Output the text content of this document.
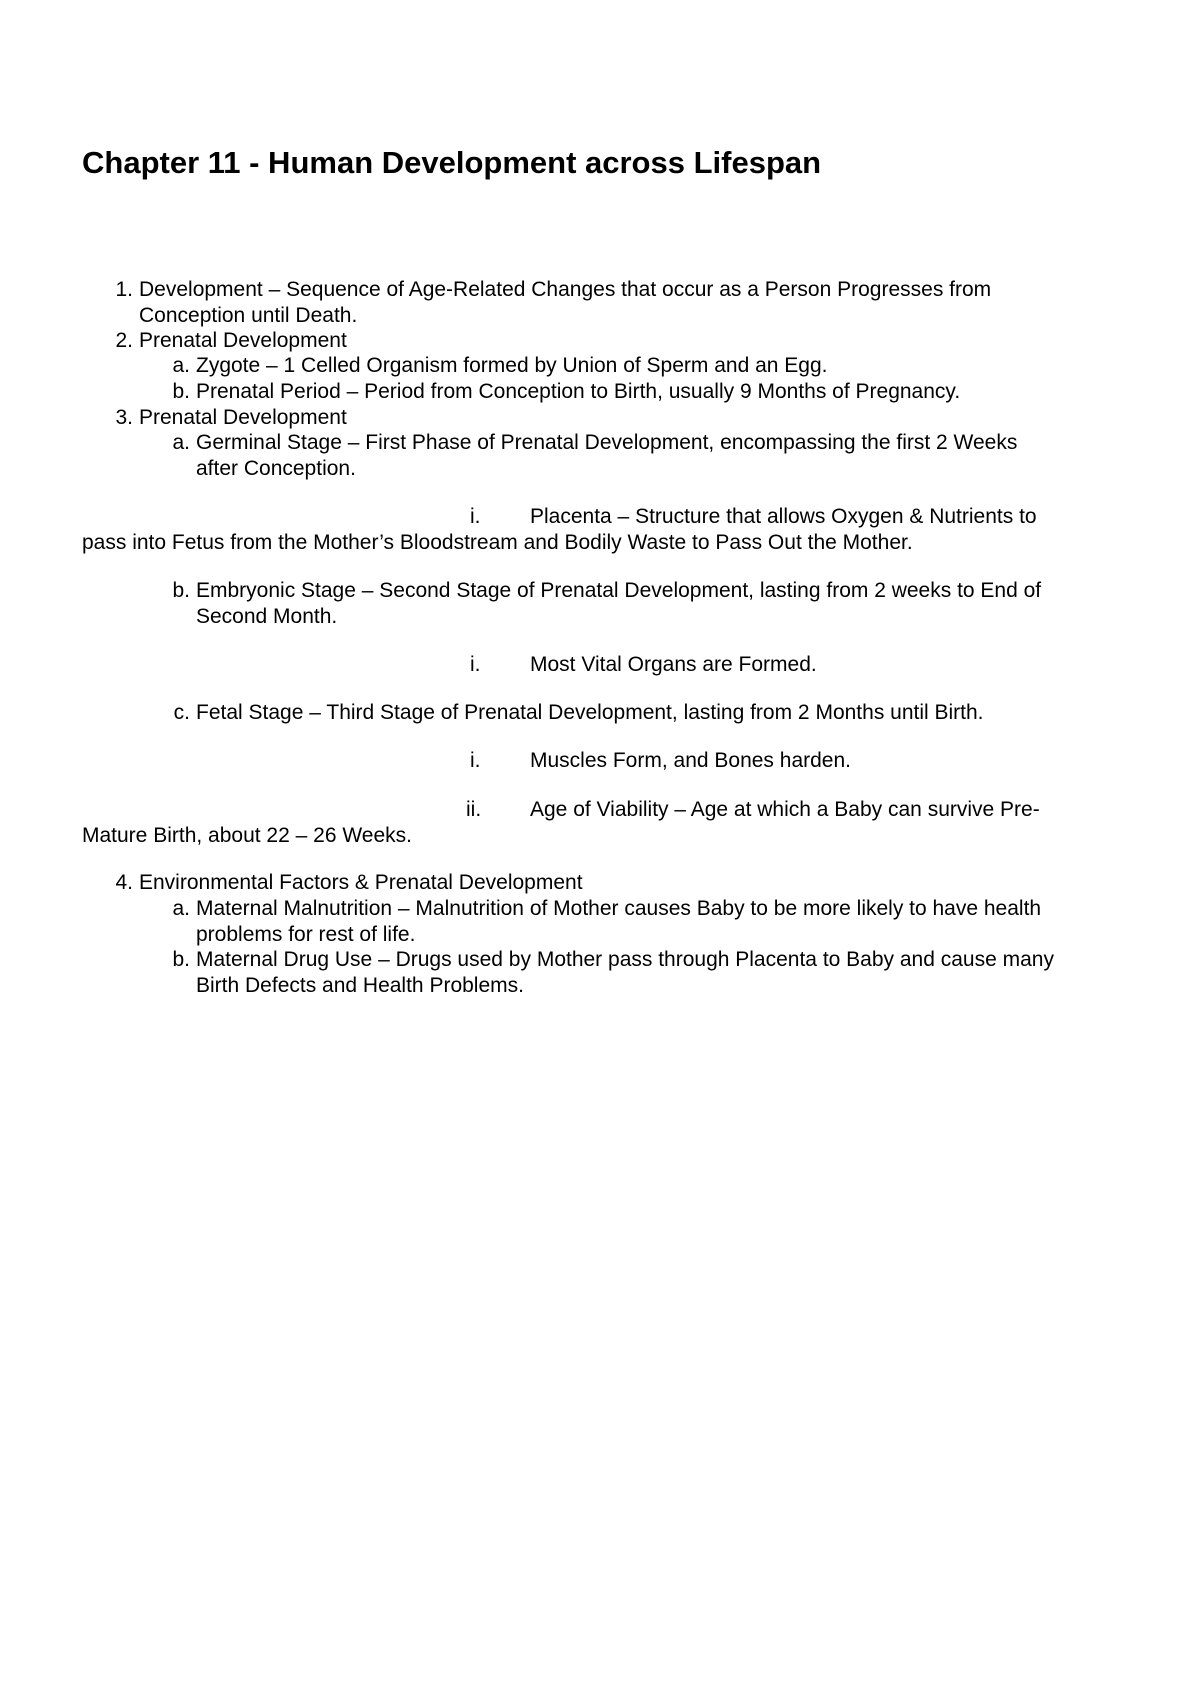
Chapter 11 - Human Development across Lifespan

1. Development – Sequence of Age-Related Changes that occur as a Person Progresses from

Conception until Death.

2. Prenatal Development

a. Zygote – 1 Celled Organism formed by Union of Sperm and an Egg.

b. Prenatal Period – Period from Conception to Birth, usually 9 Months of Pregnancy.

3. Prenatal Development

a. Germinal Stage – First Phase of Prenatal Development, encompassing the first 2 Weeks

after Conception.

i. Placenta – Structure that allows Oxygen & Nutrients to

pass into Fetus from the Mother’s Bloodstream and Bodily Waste to Pass Out the Mother.

b. Embryonic Stage – Second Stage of Prenatal Development, lasting from 2 weeks to End of

Second Month.

i. Most Vital Organs are Formed.

c. Fetal Stage – Third Stage of Prenatal Development, lasting from 2 Months until Birth.

i. Muscles Form, and Bones harden.

ii. Age of Viability – Age at which a Baby can survive Pre-

Mature Birth, about 22 – 26 Weeks.

4. Environmental Factors & Prenatal Development

a. Maternal Malnutrition – Malnutrition of Mother causes Baby to be more likely to have health

problems for rest of life.

b. Maternal Drug Use – Drugs used by Mother pass through Placenta to Baby and cause many

Birth Defects and Health Problems.
